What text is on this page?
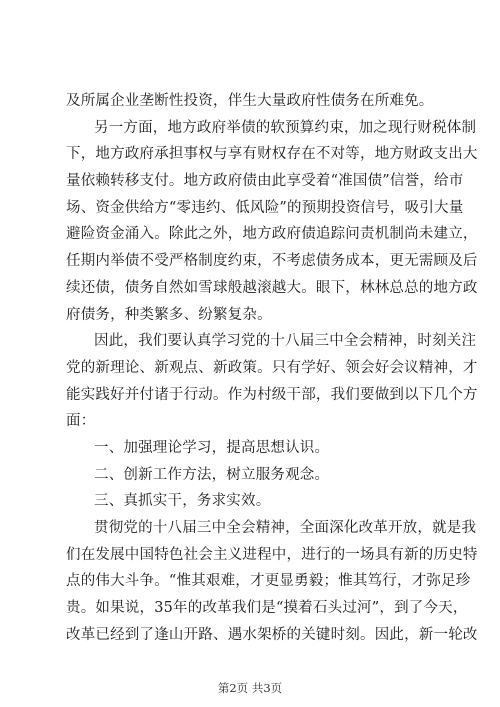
及所属企业垄断性投资，伴生大量政府性债务在所难免。
另一方面，地方政府举债的软预算约束，加之现行财税体制
下，地方政府承担事权与享有财权存在不对等，地方财政支出大
量依赖转移支付。地方政府债由此享受着“准国债”信誉，给市
场、资金供给方“零违约、低风险”的预期投资信号，吸引大量
避险资金涌入。除此之外，地方政府债追踪问责机制尚未建立，
任期内举债不受严格制度约束，不考虑债务成本，更无需顾及后
续还债，债务自然如雪球般越滚越大。眼下，林林总总的地方政
府债务，种类繁多、纷繁复杂。
因此，我们要认真学习党的十八届三中全会精神，时刻关注
党的新理论、新观点、新政策。只有学好、领会好会议精神，才
能实践好并付诸于行动。作为村级干部，我们要做到以下几个方
面：
一、加强理论学习，提高思想认识。
二、创新工作方法，树立服务观念。
三、真抓实干，务求实效。
贯彻党的十八届三中全会精神，全面深化改革开放，就是我
们在发展中国特色社会主义进程中，进行的一场具有新的历史特
点的伟大斗争。“惟其艰难，才更显勇毅；惟其笃行，才弥足珍
贵。如果说，35年的改革我们是“摸着石头过河”，到了今天，
改革已经到了逢山开路、遇水架桥的关键时刻。因此，新一轮改
第2页 共3页
